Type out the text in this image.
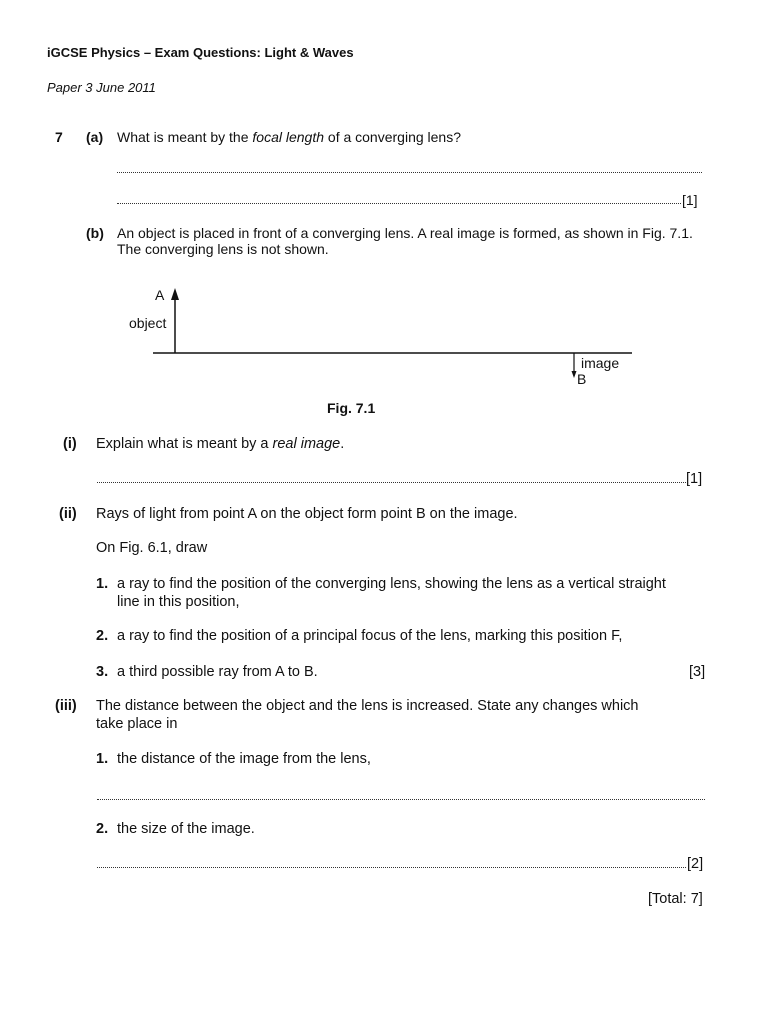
iGCSE Physics – Exam Questions: Light & Waves
Paper 3 June 2011
7 (a) What is meant by the focal length of a converging lens?
[1]
(b) An object is placed in front of a converging lens. A real image is formed, as shown in Fig. 7.1.
The converging lens is not shown.
A
object
image
B
Fig. 7.1
(i) Explain what is meant by a real image.
[1]
(ii) Rays of light from point A on the object form point B on the image.
On Fig. 6.1, draw
1. a ray to find the position of the converging lens, showing the lens as a vertical straight
line in this position,
2. a ray to find the position of a principal focus of the lens, marking this position F,
3. a third possible ray from A to B.	[3]
(iii) The distance between the object and the lens is increased. State any changes which
take place in
1. the distance of the image from the lens,
2. the size of the image.
[2]
[Total: 7]
